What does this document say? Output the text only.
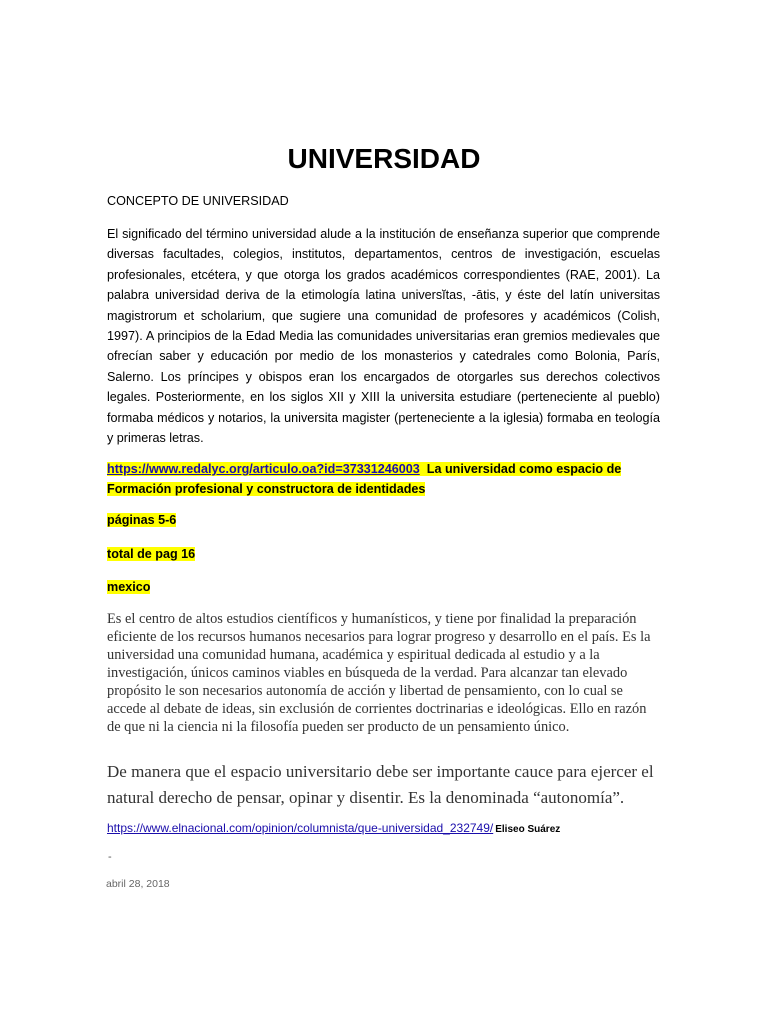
UNIVERSIDAD

CONCEPTO DE UNIVERSIDAD

El significado del término universidad alude a la institución de enseñanza superior que comprende diversas facultades, colegios, institutos, departamentos, centros de investigación, escuelas profesionales, etcétera, y que otorga los grados académicos correspondientes (RAE, 2001). La palabra universidad deriva de la etimología latina universĭtas, -ātis, y éste del latín universitas magistrorum et scholarium, que sugiere una comunidad de profesores y académicos (Colish, 1997). A principios de la Edad Media las comunidades universitarias eran gremios medievales que ofrecían saber y educación por medio de los monasterios y catedrales como Bolonia, París, Salerno. Los príncipes y obispos eran los encargados de otorgarles sus derechos colectivos legales. Posteriormente, en los siglos XII y XIII la universita estudiare (perteneciente al pueblo) formaba médicos y notarios, la universita magister (perteneciente a la iglesia) formaba en teología y primeras letras.

https://www.redalyc.org/articulo.oa?id=37331246003 La universidad como espacio de Formación profesional y constructora de identidades

páginas 5-6

total de pag 16

mexico

Es el centro de altos estudios científicos y humanísticos, y tiene por finalidad la preparación eficiente de los recursos humanos necesarios para lograr progreso y desarrollo en el país. Es la universidad una comunidad humana, académica y espiritual dedicada al estudio y a la investigación, únicos caminos viables en búsqueda de la verdad. Para alcanzar tan elevado propósito le son necesarios autonomía de acción y libertad de pensamiento, con lo cual se accede al debate de ideas, sin exclusión de corrientes doctrinarias e ideológicas. Ello en razón de que ni la ciencia ni la filosofía pueden ser producto de un pensamiento único.

De manera que el espacio universitario debe ser importante cauce para ejercer el natural derecho de pensar, opinar y disentir. Es la denominada “autonomía”.

https://www.elnacional.com/opinion/columnista/que-universidad_232749/ Eliseo Suárez

-
abril 28, 2018
